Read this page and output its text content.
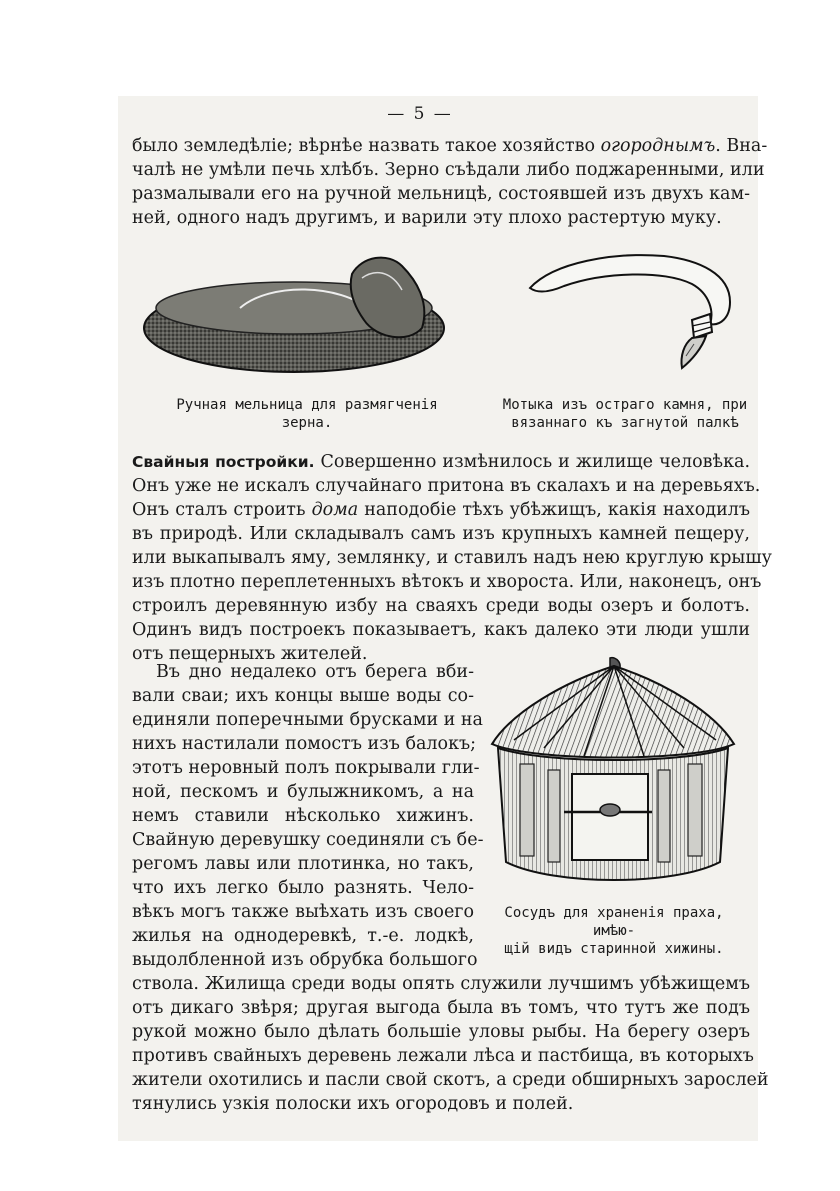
— 5 —
было земледѣліе; вѣрнѣе назвать такое хозяйство огороднымъ. Вна-
чалѣ не умѣли печь хлѣбъ. Зерно съѣдали либо поджаренными, или
размалывали его на ручной мельницѣ, состоявшей изъ двухъ кам-
ней, одного надъ другимъ, и варили эту плохо растертую муку.
Ручная мельница для размягченія
зерна.
Мотыка изъ остраго камня, при
вязаннаго къ загнутой палкѣ
Свайныя постройки. Совершенно измѣнилось и жилище человѣка.
Онъ уже не искалъ случайнаго притона въ скалахъ и на деревьяхъ.
Онъ сталъ строить дома наподобіе тѣхъ убѣжищъ, какія находилъ
въ природѣ. Или складывалъ самъ изъ крупныхъ камней пещеру,
или выкапывалъ яму, землянку, и ставилъ надъ нею круглую крышу
изъ плотно переплетенныхъ вѣтокъ и хвороста. Или, наконецъ, онъ
строилъ деревянную избу на сваяхъ среди воды озеръ и болотъ.
Одинъ видъ построекъ показываетъ, какъ далеко эти люди ушли
отъ пещерныхъ жителей.
Въ дно недалеко отъ берега вби-
вали сваи; ихъ концы выше воды со-
единяли поперечными брусками и на
нихъ настилали помостъ изъ балокъ;
этотъ неровный полъ покрывали гли-
ной, пескомъ и булыжникомъ, а на
немъ ставили нѣсколько хижинъ.
Свайную деревушку соединяли съ бе-
регомъ лавы или плотинка, но такъ,
что ихъ легко было разнять. Чело-
вѣкъ могъ также выѣхать изъ своего
жилья на однодеревкѣ, т.-е. лодкѣ,
выдолбленной изъ обрубка большого
Сосудъ для храненія праха, имѣю-
щій видъ старинной хижины.
ствола. Жилища среди воды опять служили лучшимъ убѣжищемъ
отъ дикаго звѣря; другая выгода была въ томъ, что тутъ же подъ
рукой можно было дѣлать большіе уловы рыбы. На берегу озеръ
противъ свайныхъ деревень лежали лѣса и пастбища, въ которыхъ
жители охотились и пасли свой скотъ, а среди обширныхъ зарослей
тянулись узкія полоски ихъ огородовъ и полей.
